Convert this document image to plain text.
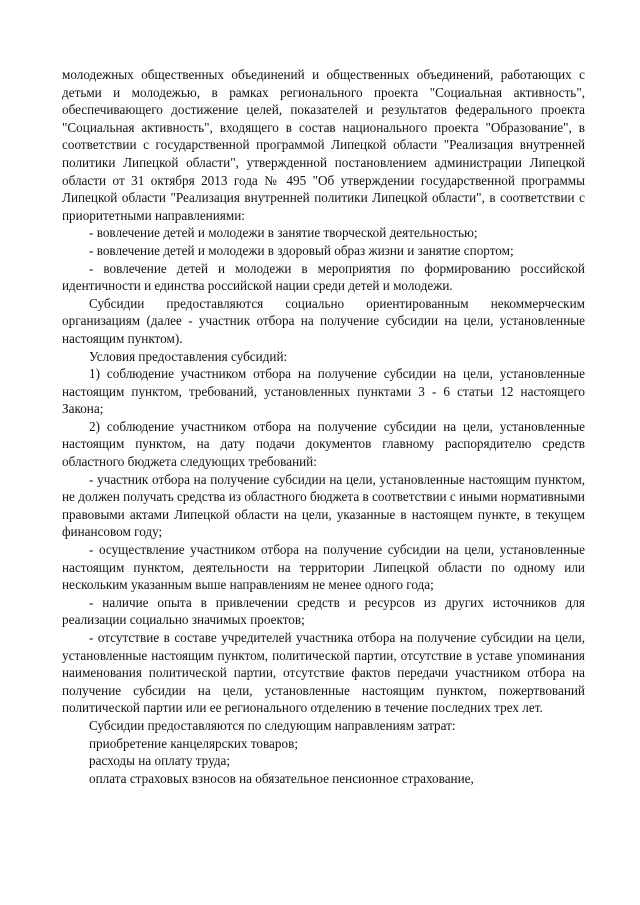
молодежных общественных объединений и общественных объединений, работающих с детьми и молодежью, в рамках регионального проекта "Социальная активность", обеспечивающего достижение целей, показателей и результатов федерального проекта "Социальная активность", входящего в состав национального проекта "Образование", в соответствии с государственной программой Липецкой области "Реализация внутренней политики Липецкой области", утвержденной постановлением администрации Липецкой области от 31 октября 2013 года № 495 "Об утверждении государственной программы Липецкой области "Реализация внутренней политики Липецкой области", в соответствии с приоритетными направлениями:

- вовлечение детей и молодежи в занятие творческой деятельностью;

- вовлечение детей и молодежи в здоровый образ жизни и занятие спортом;

- вовлечение детей и молодежи в мероприятия по формированию российской идентичности и единства российской нации среди детей и молодежи.

Субсидии предоставляются социально ориентированным некоммерческим организациям (далее - участник отбора на получение субсидии на цели, установленные настоящим пунктом).

Условия предоставления субсидий:

1) соблюдение участником отбора на получение субсидии на цели, установленные настоящим пунктом, требований, установленных пунктами 3 - 6 статьи 12 настоящего Закона;

2) соблюдение участником отбора на получение субсидии на цели, установленные настоящим пунктом, на дату подачи документов главному распорядителю средств областного бюджета следующих требований:

- участник отбора на получение субсидии на цели, установленные настоящим пунктом, не должен получать средства из областного бюджета в соответствии с иными нормативными правовыми актами Липецкой области на цели, указанные в настоящем пункте, в текущем финансовом году;

- осуществление участником отбора на получение субсидии на цели, установленные настоящим пунктом, деятельности на территории Липецкой области по одному или нескольким указанным выше направлениям не менее одного года;

- наличие опыта в привлечении средств и ресурсов из других источников для реализации социально значимых проектов;

- отсутствие в составе учредителей участника отбора на получение субсидии на цели, установленные настоящим пунктом, политической партии, отсутствие в уставе упоминания наименования политической партии, отсутствие фактов передачи участником отбора на получение субсидии на цели, установленные настоящим пунктом, пожертвований политической партии или ее регионального отделению в течение последних трех лет.

Субсидии предоставляются по следующим направлениям затрат:

приобретение канцелярских товаров;

расходы на оплату труда;

оплата страховых взносов на обязательное пенсионное страхование,
